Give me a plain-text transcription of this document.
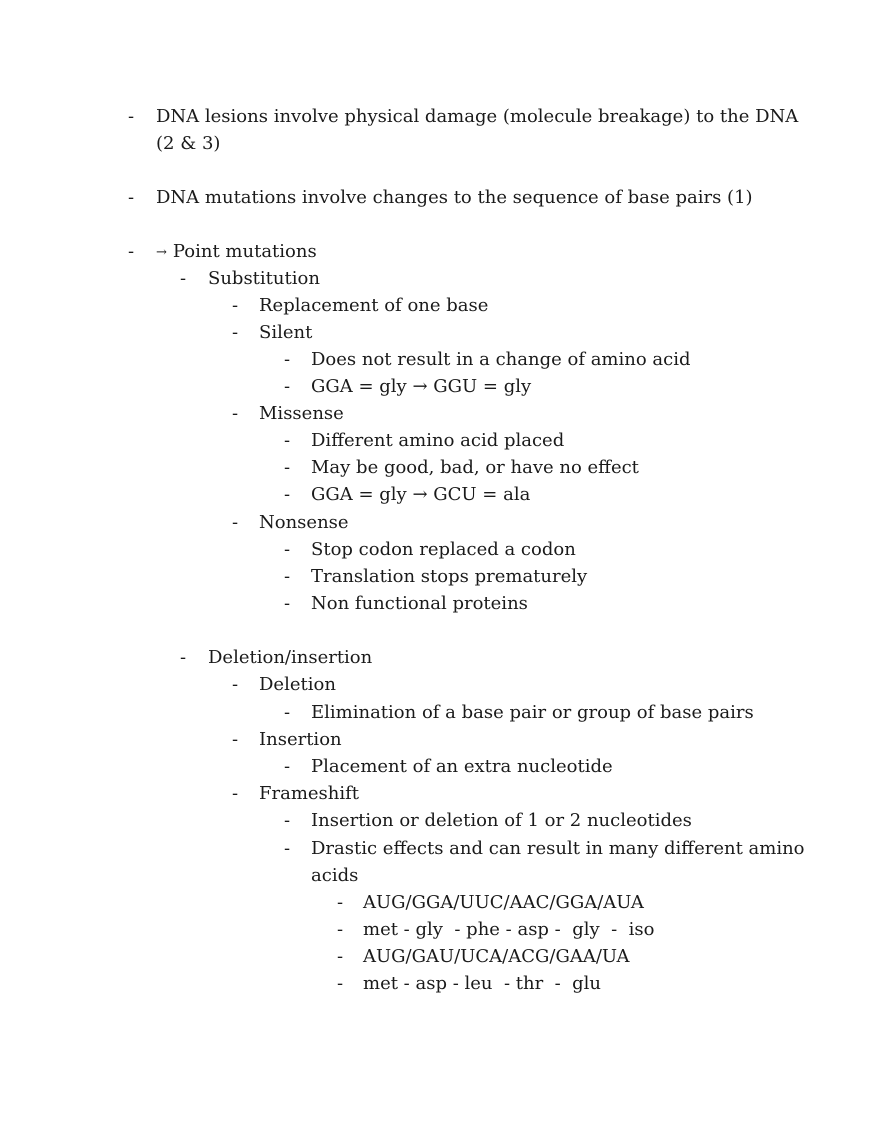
-	DNA lesions involve physical damage (molecule breakage) to the DNA
(2 & 3)
-	DNA mutations involve changes to the sequence of base pairs (1)
-	→ Point mutations
-	Substitution
-	Replacement of one base
-	Silent
-	Does not result in a change of amino acid
-	GGA = gly → GGU = gly
-	Missense
-	Different amino acid placed
-	May be good, bad, or have no effect
-	GGA = gly → GCU = ala
-	Nonsense
-	Stop codon replaced a codon
-	Translation stops prematurely
-	Non functional proteins
-	Deletion/insertion
-	Deletion
-	Elimination of a base pair or group of base pairs
-	Insertion
-	Placement of an extra nucleotide
-	Frameshift
-	Insertion or deletion of 1 or 2 nucleotides
-	Drastic effects and can result in many different amino
acids
-	AUG/GGA/UUC/AAC/GGA/AUA
-	met - gly  - phe - asp -  gly  -  iso
-	AUG/GAU/UCA/ACG/GAA/UA
-	met - asp - leu  - thr  -  glu
